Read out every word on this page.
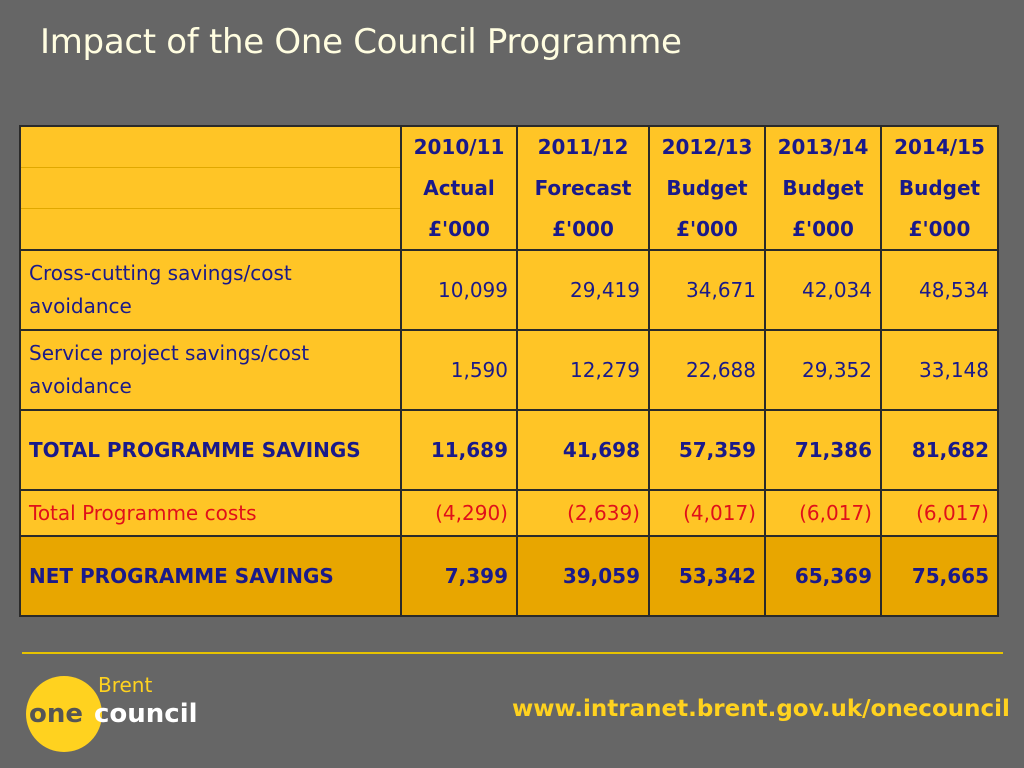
Impact of the One Council Programme
	2010/11	2011/12	2012/13	2013/14	2014/15
	Actual	Forecast	Budget	Budget	Budget
	£'000	£'000	£'000	£'000	£'000
Cross-cutting savings/cost avoidance	10,099	29,419	34,671	42,034	48,534
Service project savings/cost avoidance	1,590	12,279	22,688	29,352	33,148
TOTAL PROGRAMME SAVINGS	11,689	41,698	57,359	71,386	81,682
Total Programme costs	(4,290)	(2,639)	(4,017)	(6,017)	(6,017)
NET PROGRAMME SAVINGS	7,399	39,059	53,342	65,369	75,665
Brent
one council	www.intranet.brent.gov.uk/onecouncil
